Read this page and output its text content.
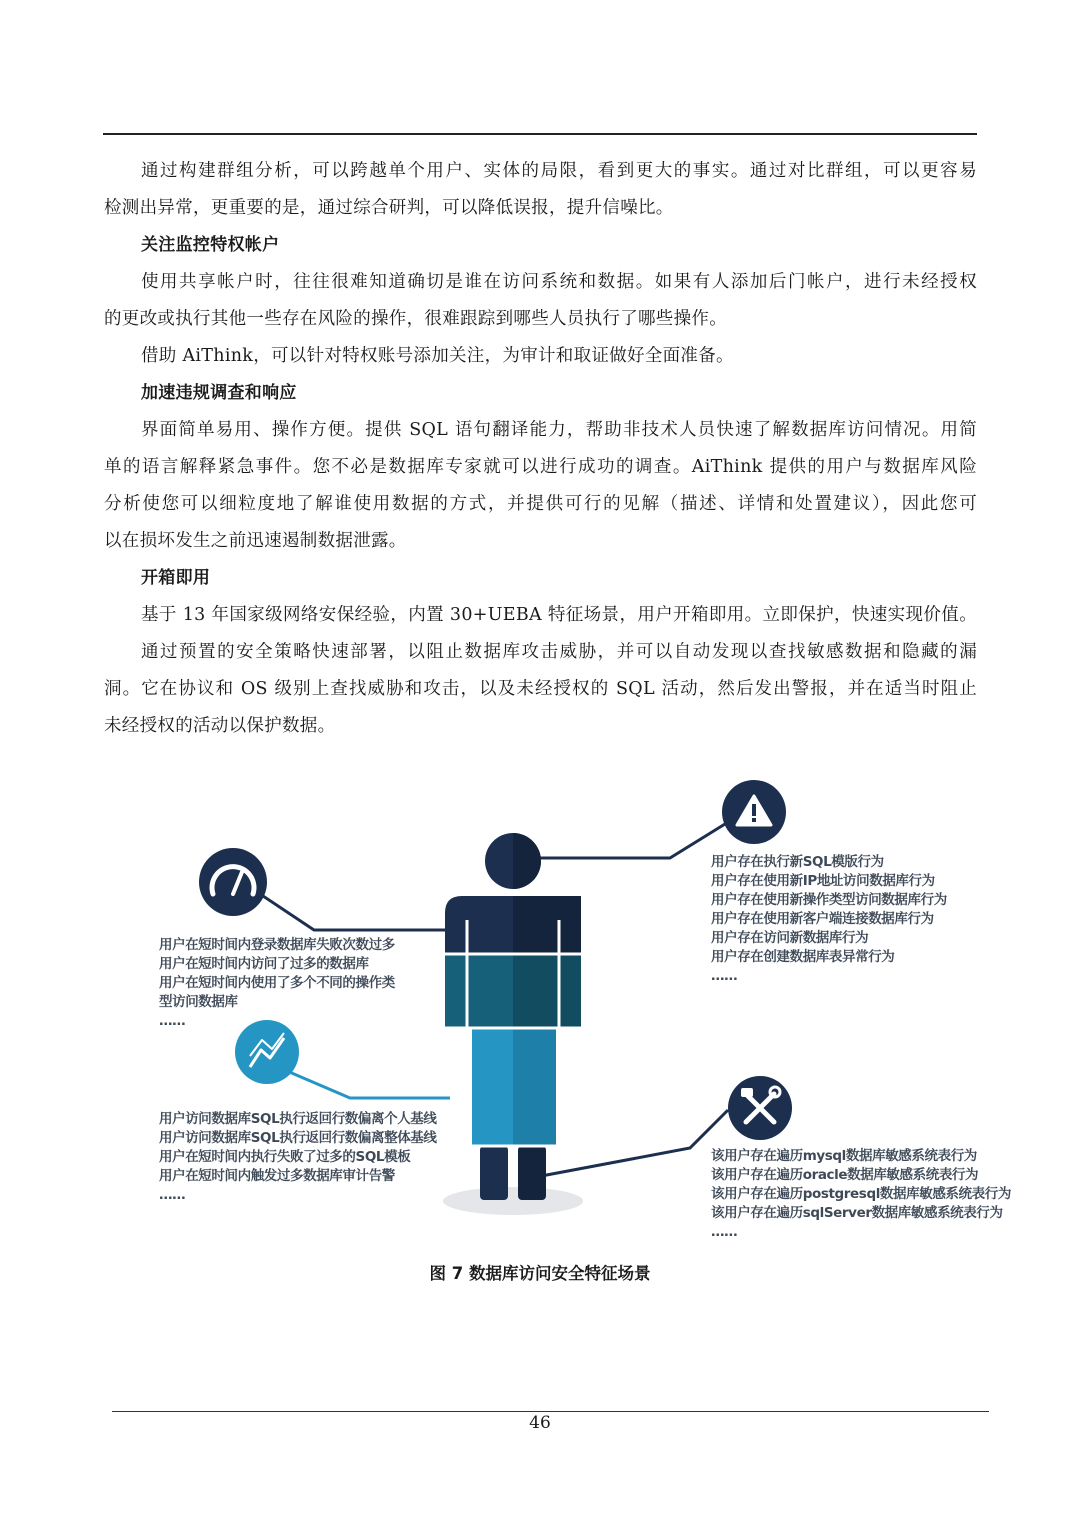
通过构建群组分析，可以跨越单个用户、实体的局限，看到更大的事实。通过对比群组，可以更容易
检测出异常，更重要的是，通过综合研判，可以降低误报，提升信噪比。
关注监控特权帐户
使用共享帐户时，往往很难知道确切是谁在访问系统和数据。如果有人添加后门帐户，进行未经授权
的更改或执行其他一些存在风险的操作，很难跟踪到哪些人员执行了哪些操作。
借助 AiThink，可以针对特权账号添加关注，为审计和取证做好全面准备。
加速违规调查和响应
界面简单易用、操作方便。提供 SQL 语句翻译能力，帮助非技术人员快速了解数据库访问情况。用简
单的语言解释紧急事件。您不必是数据库专家就可以进行成功的调查。AiThink 提供的用户与数据库风险
分析使您可以细粒度地了解谁使用数据的方式，并提供可行的见解（描述、详情和处置建议），因此您可
以在损坏发生之前迅速遏制数据泄露。
开箱即用
基于 13 年国家级网络安保经验，内置 30+UEBA 特征场景，用户开箱即用。立即保护，快速实现价值。
通过预置的安全策略快速部署，以阻止数据库攻击威胁，并可以自动发现以查找敏感数据和隐藏的漏
洞。它在协议和 OS 级别上查找威胁和攻击，以及未经授权的 SQL 活动，然后发出警报，并在适当时阻止
未经授权的活动以保护数据。
用户在短时间内登录数据库失败次数过多
用户在短时间内访问了过多的数据库
用户在短时间内使用了多个不同的操作类
型访问数据库
……
用户访问数据库SQL执行返回行数偏离个人基线
用户访问数据库SQL执行返回行数偏离整体基线
用户在短时间内执行失败了过多的SQL模板
用户在短时间内触发过多数据库审计告警
……
用户存在执行新SQL模版行为
用户存在使用新IP地址访问数据库行为
用户存在使用新操作类型访问数据库行为
用户存在使用新客户端连接数据库行为
用户存在访问新数据库行为
用户存在创建数据库表异常行为
……
该用户存在遍历mysql数据库敏感系统表行为
该用户存在遍历oracle数据库敏感系统表行为
该用户存在遍历postgresql数据库敏感系统表行为
该用户存在遍历sqlServer数据库敏感系统表行为
……
图 7 数据库访问安全特征场景
46
